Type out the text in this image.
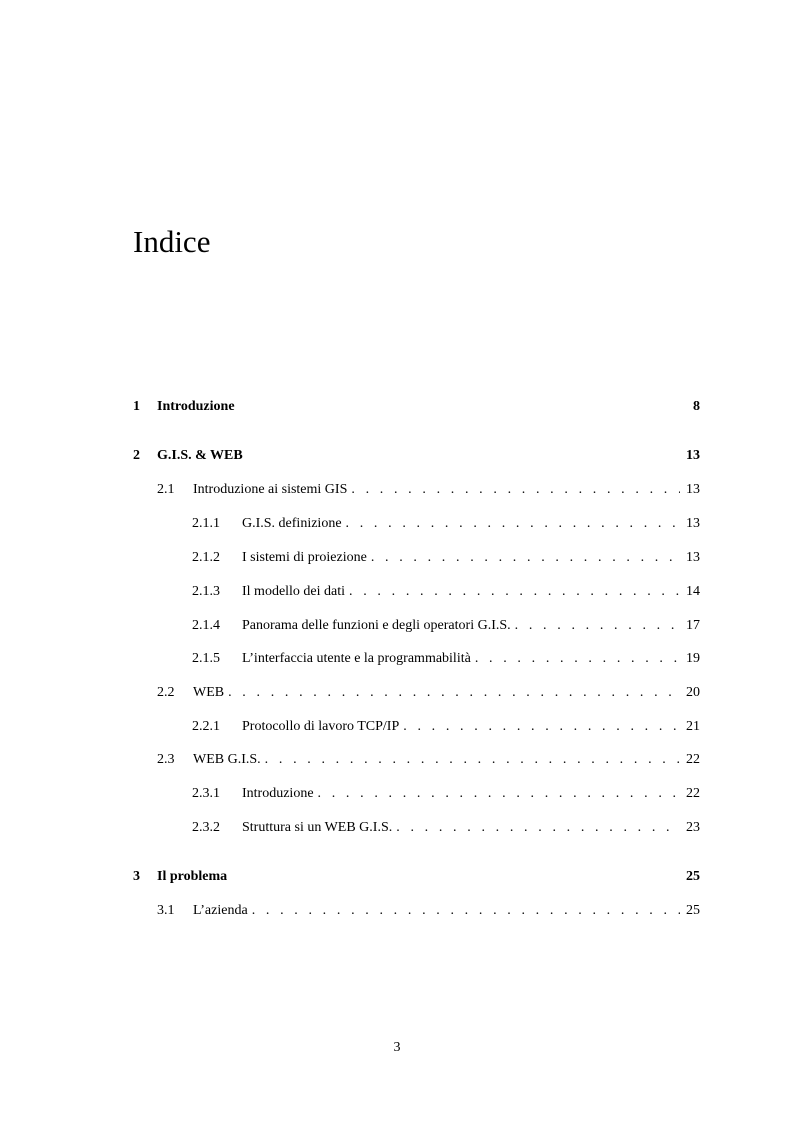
Indice
1	Introduzione	8
2	G.I.S. & WEB	13
2.1	Introduzione ai sistemi GIS . . .	13
2.1.1	G.I.S. definizione . . .	13
2.1.2	I sistemi di proiezione . . .	13
2.1.3	Il modello dei dati . . .	14
2.1.4	Panorama delle funzioni e degli operatori G.I.S. . . .	17
2.1.5	L’interfaccia utente e la programmabilità . . .	19
2.2	WEB . . .	20
2.2.1	Protocollo di lavoro TCP/IP . . .	21
2.3	WEB G.I.S. . . .	22
2.3.1	Introduzione . . .	22
2.3.2	Struttura si un WEB G.I.S. . . .	23
3	Il problema	25
3.1	L’azienda . . .	25
3
